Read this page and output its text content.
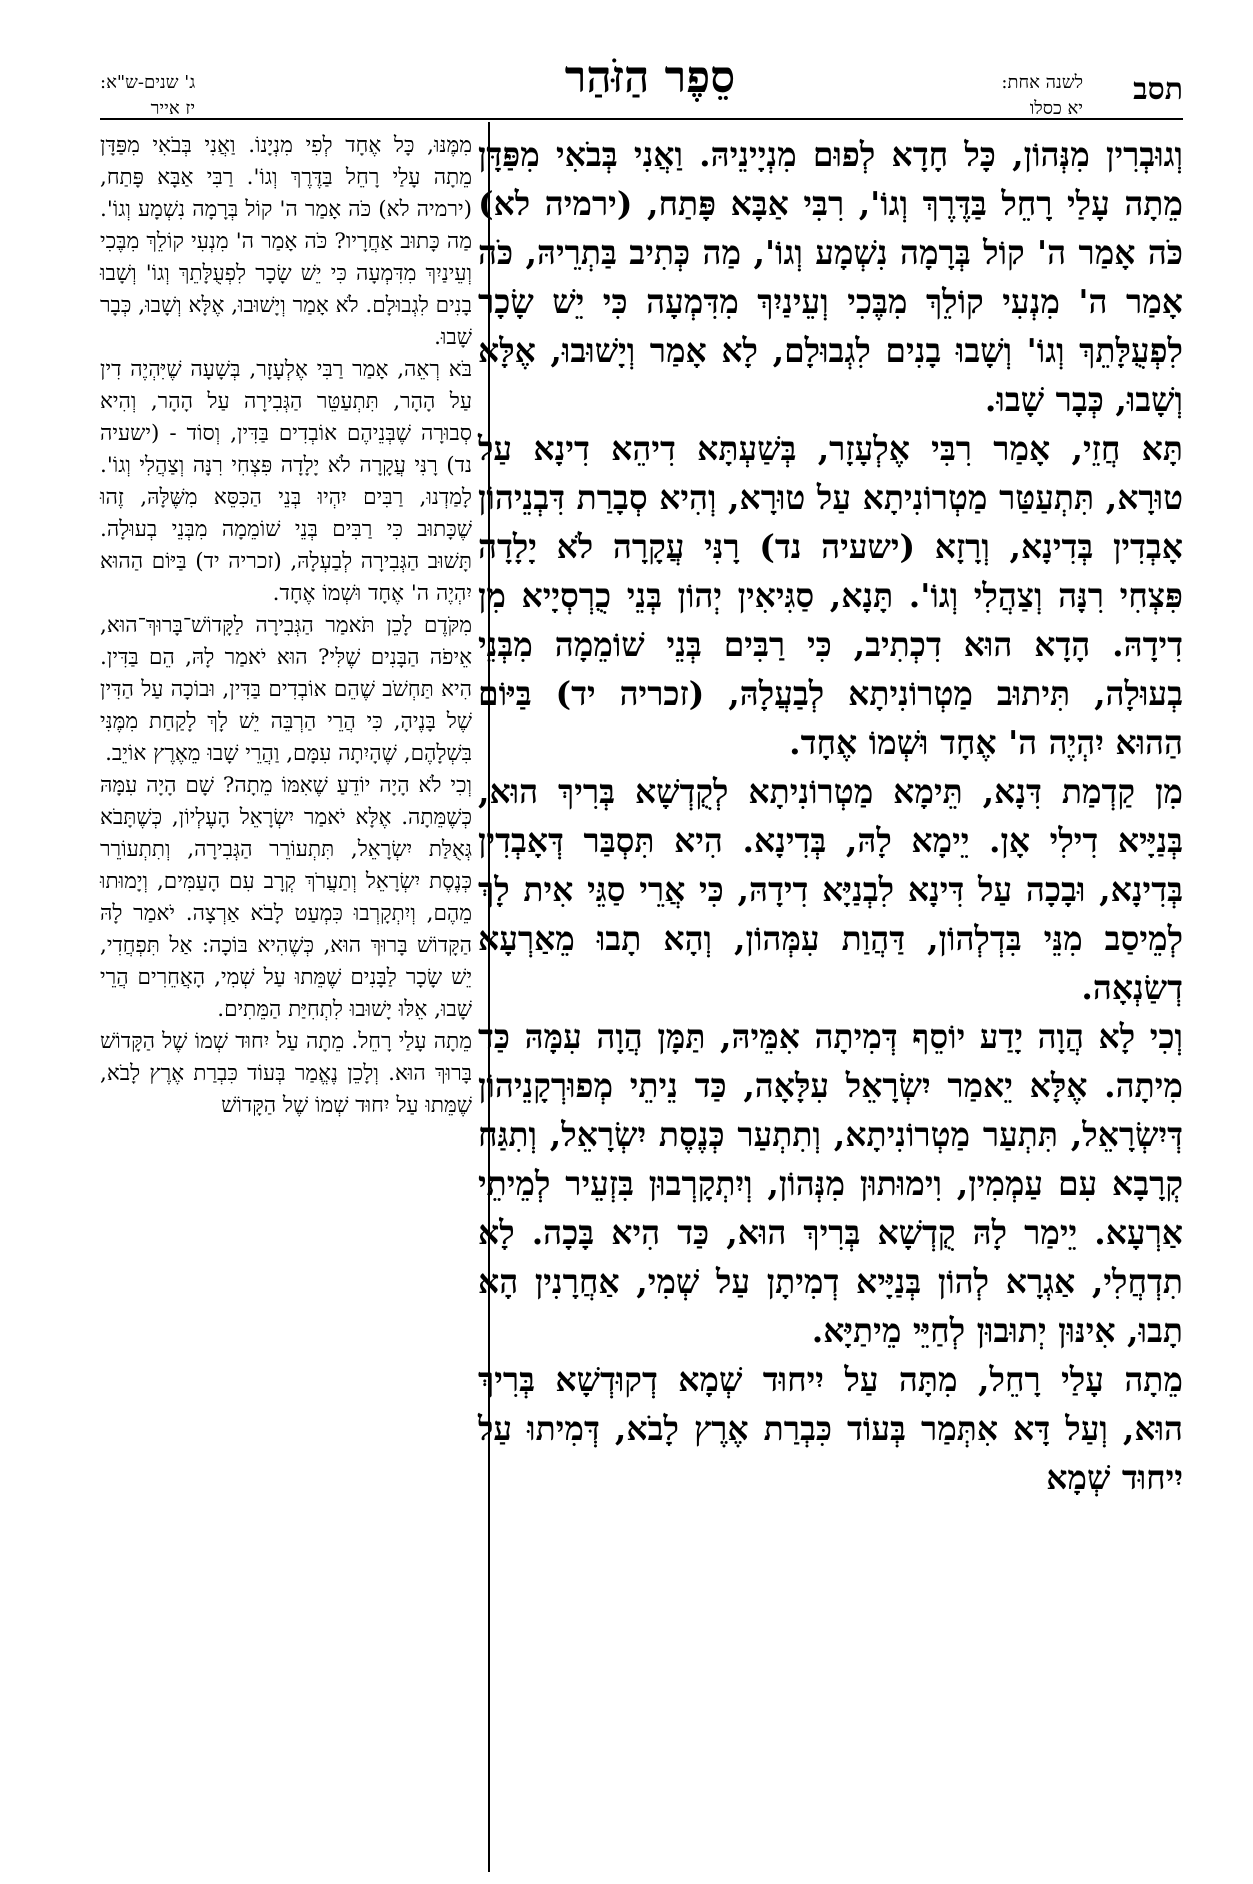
תסב
לשנה אחת:
יא כסלו
סֵפֶר הַזֹּהַר
ג' שנים-ש"א:
יז אייר

וְגוּבְרִין מִנְּהוֹן, כָּל חָדָא לְפוּם מִנְיָינֵיהּ. וַאֲנִי בְּבֹאִי מִפַּדָּן מֵתָה עָלַי רָחֵל בַּדֶּרֶךְ וְגוֹ', רִבִּי אַבָּא פָּתַח, (ירמיה לא) כֹּה אָמַר ה' קוֹל בְּרָמָה נִשְׁמָע וְגוֹ', מַה כְּתִיב בַּתְרֵיהּ, כֹּה אָמַר ה' מִנְעִי קוֹלֵךְ מִבֶּכִי וְעֵינַיִךְ מִדִּמְעָה כִּי יֵשׁ שָׂכָר לִפְעֻלָּתֵךְ וְגוֹ' וְשָׁבוּ בָנִים לִגְבוּלָם, לָא אָמַר וְיָשׁוּבוּ, אֶלָּא וְשָׁבוּ, כְּבָר שָׁבוּ.

תָּא חֲזֵי, אָמַר רִבִּי אֶלְעָזָר, בְּשַׁעְתָּא דִיהֵא דִינָא עַל טוּרָא, תִּתְעַטַּר מַטְרוֹנִיתָא עַל טוּרָא, וְהִיא סְבָרַת דִּבְנֵיהוֹן אָבְדִין בְּדִינָא, וְרָזָא (ישעיה נד) רָנִּי עֲקָרָה לֹא יָלָדָה פִּצְחִי רִנָּה וְצַהֲלִי וְגוֹ'. תָּנָא, סַגִּיאִין יְהוֹן בְּנֵי כֻרְסְיָיא מִן דִידָהּ. הָדָא הוּא דִכְתִיב, כִּי רַבִּים בְּנֵי שׁוֹמֵמָה מִבְּנֵי בְעוּלָה, תִּיתוּב מַטְרוֹנִיתָא לְבַעֲלָהּ, (זכריה יד) בַּיּוֹם הַהוּא יִהְיֶה ה' אֶחָד וּשְׁמוֹ אֶחָד.

מִן קַדְמַת דִּנָא, תֵּימָא מַטְרוֹנִיתָא לְקֻדְשָׁא בְּרִיךְ הוּא, בְּנַיָּיא דִילִי אָן. יֵימָא לָהּ, בְּדִינָא. הִיא תִּסְבַּר דְּאָבְדִין בְּדִינָא, וּבָכָה עַל דִּינָא לִבְנַיָּא דִידָהּ, כִּי אֲרֵי סַגֵּי אִית לָךְ לְמֵיסַב מִנֵּי בִּדְלְהוֹן, דַּהֲוַת עִמְּהוֹן, וְהָא תָבוּ מֵאַרְעָא דְשַׂנְאָה.

וְכִי לָא הֲוָה יָדַע יוֹסֵף דְּמִיתָה אִמֵּיהּ, תַּמָּן הֲוָה עִמָּהּ כַּד מִיתָה. אֶלָּא יֵאמַר יִשְׂרָאֵל עִלָּאָה, כַּד נֵיתֵי מְפוּרְקָנֵיהוֹן דְּיִשְׂרָאֵל, תִּתְעַר מַטְרוֹנִיתָא, וְתִתְעַר כְּנֶסֶת יִשְׂרָאֵל, וְתִגַּח קְרָבָא עִם עַמְמִין, וִימוּתוּן מִנְּהוֹן, וְיִתְקָרְבוּן בִּזְעֵיר לְמֵיתֵי אַרְעָא. יֵימַר לָהּ קֻדְשָׁא בְּרִיךְ הוּא, כַּד הִיא בָּכָה. לָא תִדְחֲלִי, אַגְרָא לְהוֹן בְּנַיָּיא דְמִיתָן עַל שְׁמִי, אַחֲרָנִין הָא תָבוּ, אִינּוּן יְתוּבוּן לְחַיֵּי מֵיתַיָּא.

מֵתָה עָלַי רָחֵל, מִתָּה עַל יִיחוּד שְׁמָא דְקוּדְשָׁא בְּרִיךְ הוּא, וְעַל דָּא אִתְּמַר בְּעוֹד כִּבְרַת אֶרֶץ לָבֹא, דְּמִיתוּ עַל יִיחוּד שְׁמָא

מִמֶּנּוּ, כָּל אֶחָד לְפִי מִנְיָנוֹ. וַאֲנִי בְּבֹאִי מִפַּדָּן מֵתָה עָלַי רָחֵל בַּדֶּרֶךְ וְגוֹ'. רַבִּי אַבָּא פָּתַח, (ירמיה לא) כֹּה אָמַר ה' קוֹל בְּרָמָה נִשְׁמָע וְגוֹ'. מַה כָּתוּב אַחֲרָיו? כֹּה אָמַר ה' מִנְעִי קוֹלֵךְ מִבֶּכִי וְעֵינַיִךְ מִדִּמְעָה כִּי יֵשׁ שָׂכָר לִפְעֻלָּתֵךְ וְגוֹ' וְשָׁבוּ בָנִים לִגְבוּלָם. לֹא אָמַר וְיָשׁוּבוּ, אֶלָּא וְשָׁבוּ, כְּבָר שָׁבוּ.

בֹּא רְאֵה, אָמַר רַבִּי אֶלְעָזָר, בְּשָׁעָה שֶׁיִּהְיֶה דִין עַל הָהָר, תִּתְעַטֵּר הַגְּבִירָה עַל הָהָר, וְהִיא סְבוּרָה שֶׁבְּנֵיהֶם אוֹבְדִים בַּדִּין, וְסוֹד - (ישעיה נד) רָנִּי עֲקָרָה לֹא יָלָדָה פִּצְחִי רִנָּה וְצַהֲלִי וְגוֹ'. לָמַדְנוּ, רַבִּים יִהְיוּ בְּנֵי הַכִּסֵּא מִשֶּׁלָּהּ, זֶהוּ שֶׁכָּתוּב כִּי רַבִּים בְּנֵי שׁוֹמֵמָה מִבְּנֵי בְעוּלָה. תָּשׁוּב הַגְּבִירָה לְבַעְלָהּ, (זכריה יד) בַּיּוֹם הַהוּא יִהְיֶה ה' אֶחָד וּשְׁמוֹ אֶחָד.

מִקֹּדֶם לָכֵן תֹּאמַר הַגְּבִירָה לַקָּדוֹשׁ־בָּרוּךְ־הוּא, אֵיפֹה הַבָּנִים שֶׁלִּי? הוּא יֹאמַר לָהּ, הֵם בַּדִּין. הִיא תַּחְשֹׁב שֶׁהֵם אוֹבְדִים בַּדִּין, וּבוֹכָה עַל הַדִּין שֶׁל בָּנֶיהָ, כִּי הֲרֵי הַרְבֵּה יֵשׁ לָךְ לָקַחַת מִמֶּנִּי בִּשְׁלָהֶם, שֶׁהָיִתָה עִמָּם, וַהֲרֵי שָׁבוּ מֵאֶרֶץ אוֹיֵב.

וְכִי לֹא הָיָה יוֹדֵעַ שֶׁאִמּוֹ מֵתָה? שָׁם הָיָה עִמָּהּ כְּשֶׁמֵּתָה. אֶלָּא יֹאמַר יִשְׂרָאֵל הָעֶלְיוֹן, כְּשֶׁתָּבֹא גְּאֻלַּת יִשְׂרָאֵל, תִּתְעוֹרֵר הַגְּבִירָה, וְתִתְעוֹרֵר כְּנֶסֶת יִשְׂרָאֵל וְתַעֲרֹךְ קְרָב עִם הָעַמִּים, וְיָמוּתוּ מֵהֶם, וְיִתְקָרְבוּ כִּמְעַט לָבֹא אַרְצָה. יֹאמַר לָהּ הַקָּדוֹשׁ בָּרוּךְ הוּא, כְּשֶׁהִיא בּוֹכָה: אַל תִּפְחֲדִי, יֵשׁ שָׂכָר לַבָּנִים שֶׁמֵּתוּ עַל שְׁמִי, הָאֲחֵרִים הֲרֵי שָׁבוּ, אֵלּוּ יָשׁוּבוּ לִתְחִיַּת הַמֵּתִים.

מֵתָה עָלַי רָחֵל. מֵתָה עַל יִחוּד שְׁמוֹ שֶׁל הַקָּדוֹשׁ בָּרוּךְ הוּא. וְלָכֵן נֶאֱמַר בְּעוֹד כִּבְרַת אֶרֶץ לָבֹא, שֶׁמֵּתוּ עַל יִחוּד שְׁמוֹ שֶׁל הַקָּדוֹשׁ
